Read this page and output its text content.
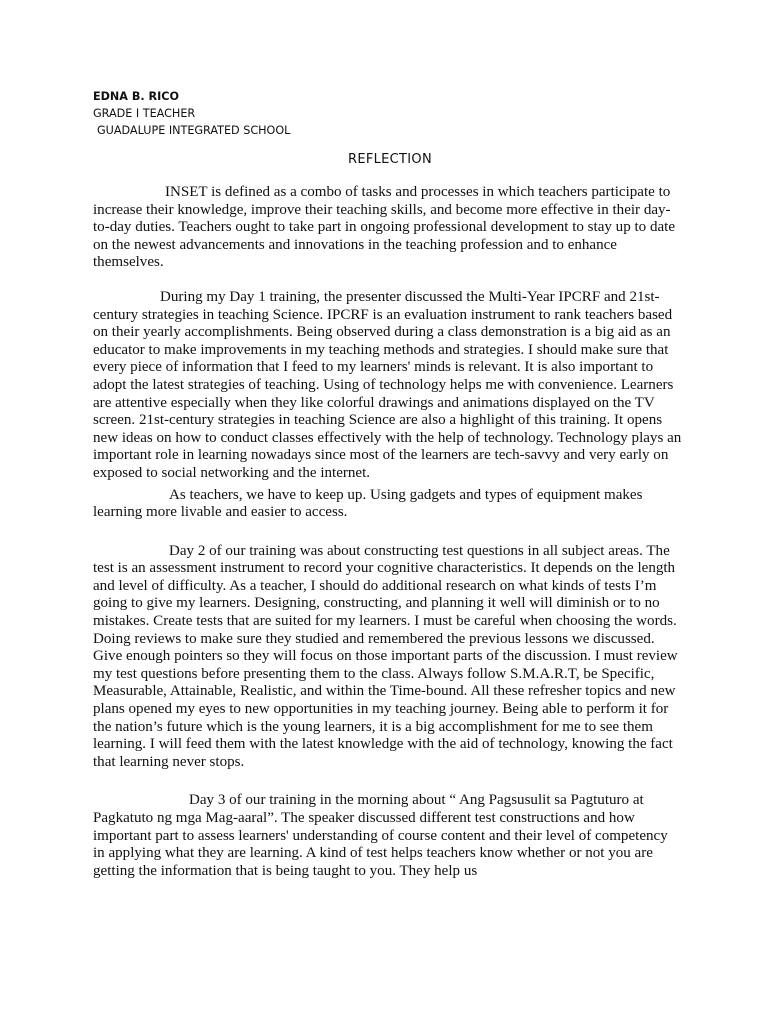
EDNA B. RICO
GRADE I TEACHER
GUADALUPE INTEGRATED SCHOOL
REFLECTION

INSET is defined as a combo of tasks and processes in which teachers participate to increase their knowledge, improve their teaching skills, and become more effective in their day-to-day duties. Teachers ought to take part in ongoing professional development to stay up to date on the newest advancements and innovations in the teaching profession and to enhance themselves.

During my Day 1 training, the presenter discussed the Multi-Year IPCRF and 21st-century strategies in teaching Science. IPCRF is an evaluation instrument to rank teachers based on their yearly accomplishments. Being observed during a class demonstration is a big aid as an educator to make improvements in my teaching methods and strategies. I should make sure that every piece of information that I feed to my learners' minds is relevant. It is also important to adopt the latest strategies of teaching. Using of technology helps me with convenience. Learners are attentive especially when they like colorful drawings and animations displayed on the TV screen. 21st-century strategies in teaching Science are also a highlight of this training. It opens new ideas on how to conduct classes effectively with the help of technology. Technology plays an important role in learning nowadays since most of the learners are tech-savvy and very early on exposed to social networking and the internet.

As teachers, we have to keep up. Using gadgets and types of equipment makes learning more livable and easier to access.

Day 2 of our training was about constructing test questions in all subject areas. The test is an assessment instrument to record your cognitive characteristics. It depends on the length and level of difficulty. As a teacher, I should do additional research on what kinds of tests I’m going to give my learners. Designing, constructing, and planning it well will diminish or to no mistakes. Create tests that are suited for my learners. I must be careful when choosing the words. Doing reviews to make sure they studied and remembered the previous lessons we discussed. Give enough pointers so they will focus on those important parts of the discussion. I must review my test questions before presenting them to the class. Always follow S.M.A.R.T, be Specific, Measurable, Attainable, Realistic, and within the Time-bound. All these refresher topics and new plans opened my eyes to new opportunities in my teaching journey. Being able to perform it for the nation’s future which is the young learners, it is a big accomplishment for me to see them learning. I will feed them with the latest knowledge with the aid of technology, knowing the fact that learning never stops.

Day 3 of our training in the morning about “ Ang Pagsusulit sa Pagtuturo at Pagkatuto ng mga Mag-aaral”. The speaker discussed different test constructions and how important part to assess learners' understanding of course content and their level of competency in applying what they are learning. A kind of test helps teachers know whether or not you are getting the information that is being taught to you. They help us
